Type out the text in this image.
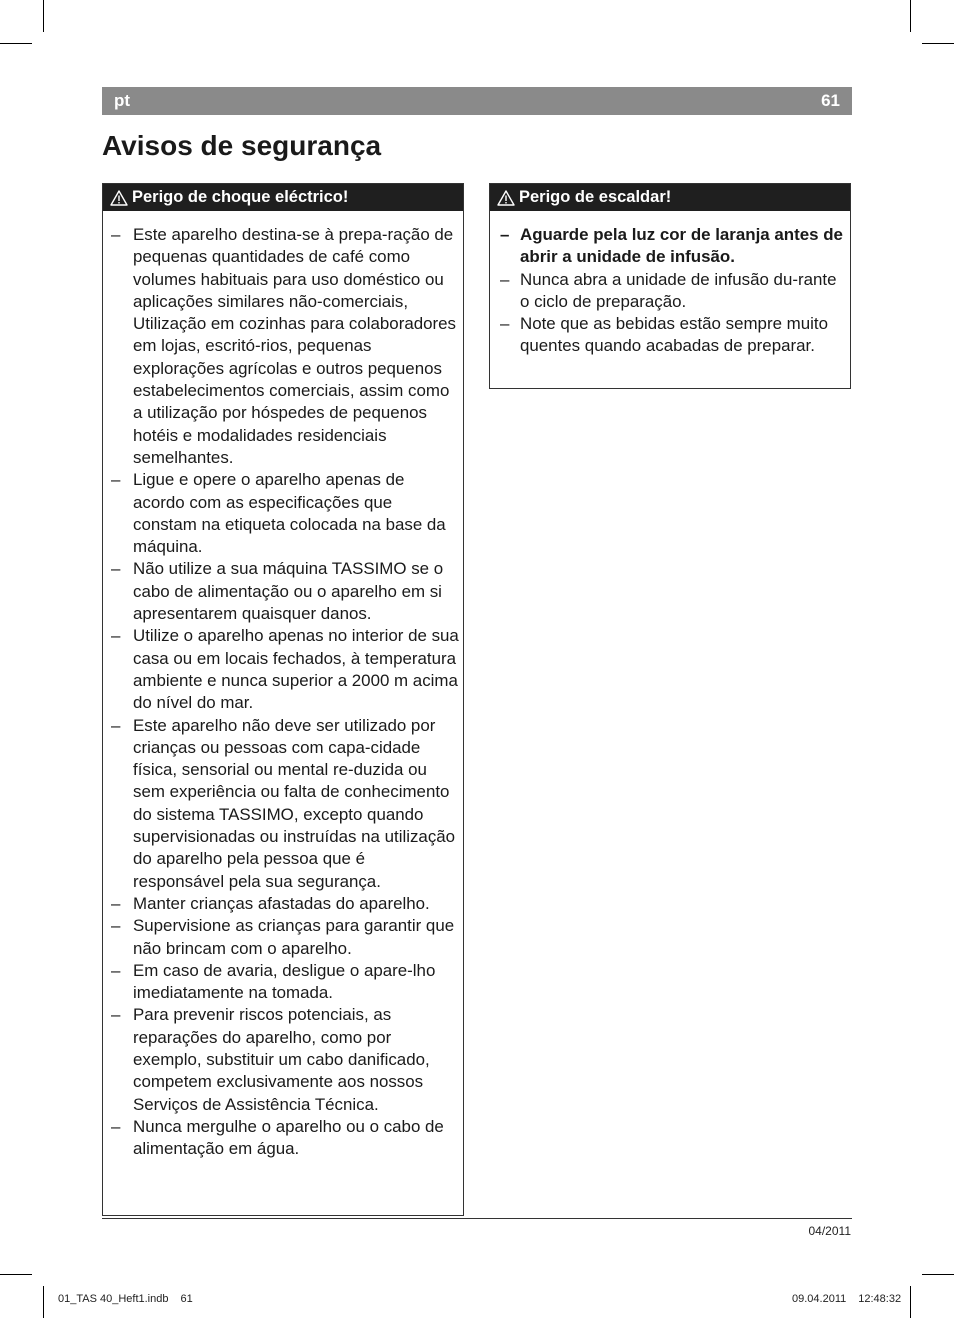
pt	61
Avisos de segurança
Perigo de choque eléctrico!
– Este aparelho destina-se à prepa-ração de pequenas quantidades de café como volumes habituais para uso doméstico ou aplicações similares não-comerciais, Utilização em cozinhas para colaboradores em lojas, escritó-rios, pequenas explorações agrícolas e outros pequenos estabelecimentos comerciais, assim como a utilização por hóspedes de pequenos hotéis e modalidades residenciais semelhantes.
– Ligue e opere o aparelho apenas de acordo com as especificações que constam na etiqueta colocada na base da máquina.
– Não utilize a sua máquina TASSIMO se o cabo de alimentação ou o aparelho em si apresentarem quaisquer danos.
– Utilize o aparelho apenas no interior de sua casa ou em locais fechados, à temperatura ambiente e nunca superior a 2000 m acima do nível do mar.
– Este aparelho não deve ser utilizado por crianças ou pessoas com capa-cidade física, sensorial ou mental re-duzida ou sem experiência ou falta de conhecimento do sistema TASSIMO, excepto quando supervisionadas ou instruídas na utilização do aparelho pela pessoa que é responsável pela sua segurança.
– Manter crianças afastadas do aparelho.
– Supervisione as crianças para garantir que não brincam com o aparelho.
– Em caso de avaria, desligue o apare-lho imediatamente na tomada.
– Para prevenir riscos potenciais, as reparações do aparelho, como por exemplo, substituir um cabo danificado, competem exclusivamente aos nossos Serviços de Assistência Técnica.
– Nunca mergulhe o aparelho ou o cabo de alimentação em água.
Perigo de escaldar!
– Aguarde pela luz cor de laranja antes de abrir a unidade de infusão.
– Nunca abra a unidade de infusão du-rante o ciclo de preparação.
– Note que as bebidas estão sempre muito quentes quando acabadas de preparar.
04/2011
01_TAS 40_Heft1.indb 61	09.04.2011 12:48:32
